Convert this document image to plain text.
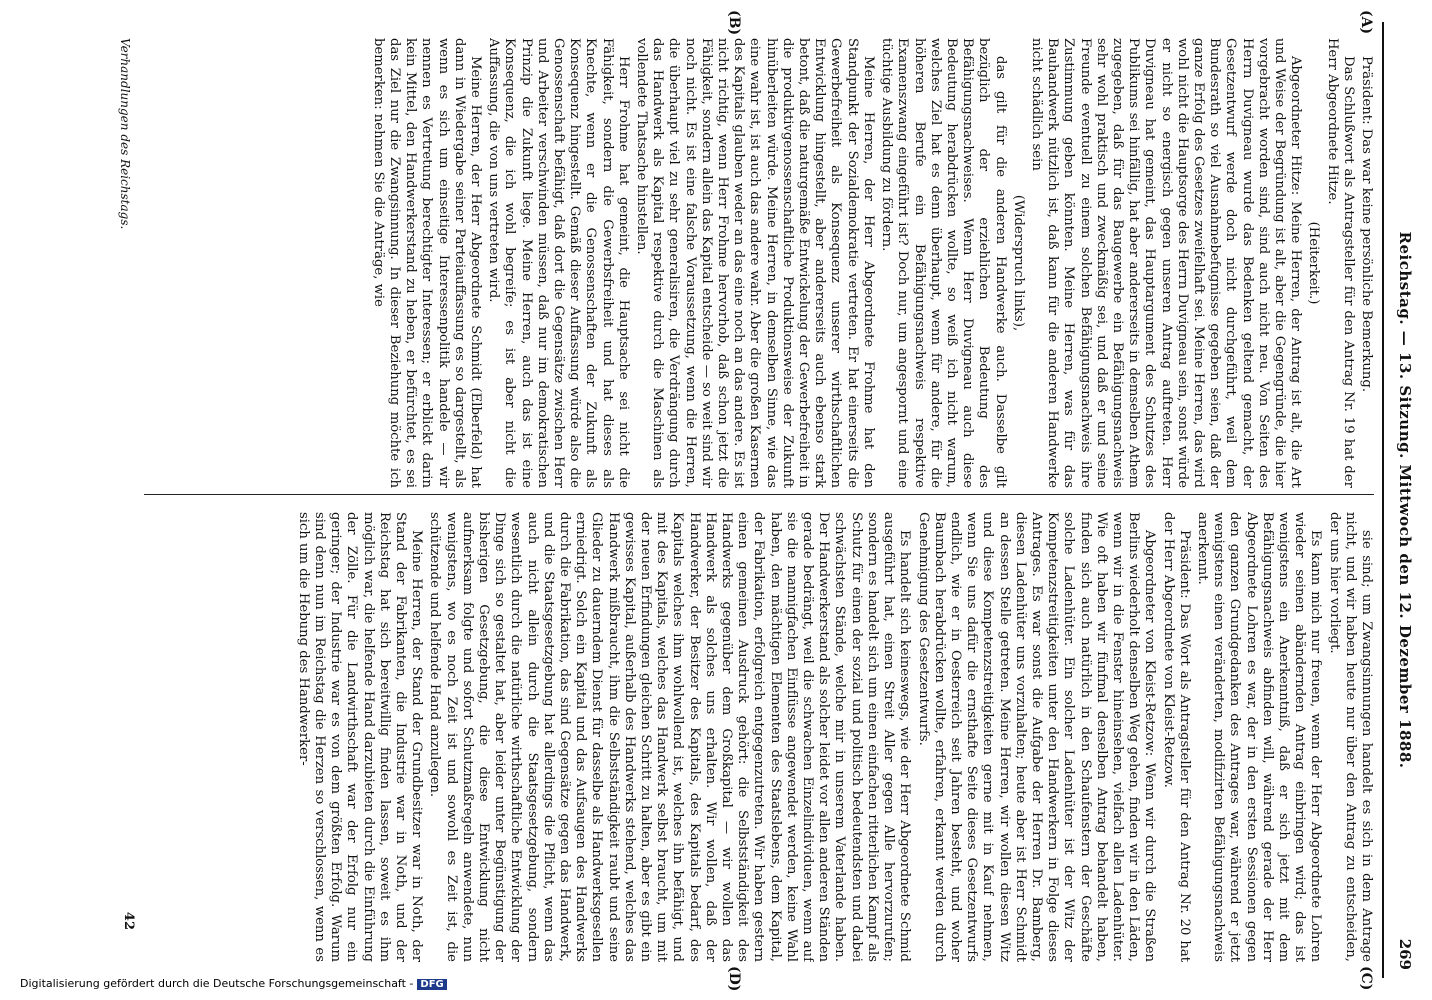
Reichstag. — 13. Sitzung. Mittwoch den 12. Dezember 1888.
269
(A)
(B)
(C)
(D)

Präsident: Das war keine persönliche Bemerkung.

Das Schlußwort als Antragsteller für den Antrag Nr. 19 hat der Herr Abgeordnete Hitze.

(Heiterkeit.)

Abgeordneter Hitze: Meine Herren, der Antrag ist alt, die Art und Weise der Begründung ist alt, aber die Gegengründe, die hier vorgebracht worden sind, sind auch nicht neu. Von Seiten des Herrn Duvigneau wurde das Bedenken geltend gemacht, der Gesetzentwurf werde doch nicht durchgeführt, weil dem Bundesrath so viel Ausnahmebefugnisse gegeben seien, daß der ganze Erfolg des Gesetzes zweifelhaft sei. Meine Herren, das wird wohl nicht die Hauptsorge des Herrn Duvigneau sein, sonst würde er nicht so energisch gegen unseren Antrag auftreten. Herr Duvigneau hat gemeint, das Hauptargument des Schutzes des Publikums sei hinfällig, hat aber andererseits in demselben Athem zugegeben, daß für das Baugewerbe ein Befähigungsnachweis sehr wohl praktisch und zweckmäßig sei, und daß er und seine Freunde eventuell zu einem solchen Befähigungsnachweis ihre Zustimmung geben könnten. Meine Herren, was für das Bauhandwerk nützlich ist, daß kann für die anderen Handwerke nicht schädlich sein

(Widerspruch links),

das gilt für die anderen Handwerke auch. Dasselbe gilt bezüglich der erziehlichen Bedeutung des Befähigungsnachweises. Wenn Herr Duvigneau auch diese Bedeutung herabdrücken wollte, so weiß ich nicht warum, welches Ziel hat es denn überhaupt, wenn für andere, für die höheren Berufe ein Befähigungsnachweis respektive Examenszwang eingeführt ist? Doch nur, um angespornt und eine tüchtige Ausbildung zu fördern.

Meine Herren, der Herr Abgeordnete Frohme hat den Standpunkt der Sozialdemokratie vertreten. Er hat einerseits die Gewerbefreiheit als Konsequenz unserer wirthschaftlichen Entwicklung hingestellt, aber andererseits auch ebenso stark betont, daß die naturgemäße Entwickelung der Gewerbefreiheit in die produktivgenossenschaftliche Produktionsweise der Zukunft hinüberleiten würde. Meine Herren, in demselben Sinne, wie das eine wahr ist, ist auch das andere wahr. Aber die großen Kasernen des Kapitals glauben weder an das eine noch an das andere. Es ist nicht richtig, wenn Herr Frohme hervorhob, daß schon jetzt die Fähigkeit, sondern allein das Kapital entscheide — so weit sind wir noch nicht. Es ist eine falsche Voraussetzung, wenn die Herren, die überhaupt viel zu sehr generalisiren, die Verdrängung durch das Handwerk als Kapital respektive durch die Maschinen als vollendete Thatsache hinstellen.

Herr Frohme hat gemeint, die Hauptsache sei nicht die Fähigkeit, sondern die Gewerbsfreiheit und hat dieses als Knechte, wenn er die Genossenschaften der Zukunft als Konsequenz hingestellt. Gemäß dieser Auffassung würde also die Genossenschaft befähigt, daß dort die Gegensätze zwischen Herr und Arbeiter verschwinden müssen, daß nur im demokratischen Prinzip die Zukunft liege. Meine Herren, auch das ist eine Konsequenz, die ich wohl begreife; es ist aber nicht die Auffassung, die von uns vertreten wird.

Meine Herren, der Herr Abgeordnete Schmidt (Elberfeld) hat dann in Wiedergabe seiner Parteiauffassung es so dargestellt, als wenn es sich um einseitige Interessenpolitik handele — wir nennen es Vertretung berechtigter Interessen; er erblickt darin kein Mittel, den Handwerkerstand zu heben, er befürchtet, es sei das Ziel nur die Zwangsinnung. In dieser Beziehung möchte ich bemerken: nehmen Sie die Anträge, wie

sie sind; um Zwangsinnungen handelt es sich in dem Antrage nicht, und wir haben heute nur über den Antrag zu entscheiden, der uns hier vorliegt.

Es kann mich nur freuen, wenn der Herr Abgeordnete Lohren wieder seinen abändernden Antrag einbringen wird; das ist wenigstens ein Anerkenntniß, daß er sich jetzt mit dem Befähigungsnachweis abfinden will, während gerade der Herr Abgeordnete Lohren es war, der in den ersten Sessionen gegen den ganzen Grundgedanken des Antrages war, während er jetzt wenigstens einen veränderten, modifizirten Befähigungsnachweis anerkennt.

Präsident: Das Wort als Antragsteller für den Antrag Nr. 20 hat der Herr Abgeordnete von Kleist-Retzow.

Abgeordneter von Kleist-Retzow: Wenn wir durch die Straßen Berlins wiederholt denselben Weg gehen, finden wir in den Läden, wenn wir in die Fenster hineinsehen, vielfach allen Ladenhüter. Wie oft haben wir fünfmal denselben Antrag behandelt haben, finden sich auch natürlich in den Schaufenstern der Geschäfte solche Ladenhüter. Ein solcher Ladenhüter ist der Witz der Kompetenzstreitigkeiten unter den Handwerkern in Folge dieses Antrages. Es war sonst die Aufgabe der Herren Dr. Bamberg, diesen Ladenhüter uns vorzuhalten; heute aber ist Herr Schmidt an dessen Stelle getreten. Meine Herren, wir wollen diesen Witz und diese Kompetenzstreitigkeiten gerne mit in Kauf nehmen, wenn Sie uns dafür die ernsthafte Seite dieses Gesetzentwurfs endlich, wie er in Oesterreich seit Jahren besteht, und woher Baumbach herabdrücken wollte, erfahren, erkannt werden durch Genehmigung des Gesetzentwurfs.

Es handelt sich keineswegs, wie der Herr Abgeordnete Schmid ausgeführt hat, einen Streit Aller gegen Alle hervorzurufen; sondern es handelt sich um einen einfachen ritterlichen Kampf als Schutz für einen der sozial und politisch bedeutendsten und dabei schwächsten Stände, welche mir in unserem Vaterlande haben. Der Handwerkerstand als solcher leidet vor allen anderen Ständen gerade bedrängt, weil die schwachen Einzelindividuen, wenn auf sie die mannigfachen Einflüsse angewendet werden, keine Wahl haben, den mächtigen Elementen des Staatslebens, dem Kapital, der Fabrikation, erfolgreich entgegenzutreten. Wir haben gestern einen gemeinen Ausdruck gehört: die Selbstständigkeit des Handwerks gegenüber dem Großkapital — wir wollen das Handwerk als solches uns erhalten. Wir wollen, daß der Handwerker, der Besitzer des Kapitals, des Kapitals bedarf, des Kapitals welches ihm wohlwollend ist, welches ihn befähigt, und mit des Kapitals, welches das Handwerk selbst braucht, um mit der neuen Erfindungen gleichen Schritt zu halten, aber es gibt ein gewisses Kapital, außerhalb des Handwerks stehend, welches das Handwerk mißbraucht, ihm die Selbstständigkeit raubt und seine Glieder zu dauerndem Dienst für dasselbe als Handwerksgesellen erniedrigt. Solch ein Kapital und das Aufsaugen des Handwerks durch die Fabrikation, das sind Gegensätze gegen das Handwerk, und die Staatsgesetzgebung hat allerdings die Pflicht, wenn das auch nicht allein durch die Staatsgesetzgebung, sondern wesentlich durch die natürliche wirthschaftliche Entwicklung der Dinge sich so gestaltet hat, aber leider unter Begünstigung der bisherigen Gesetzgebung, die diese Entwicklung nicht aufmerksam folgte und sofort Schutzmaßregeln anwendete, nun wenigstens, wo es noch Zeit ist und sowohl es Zeit ist, die schützende und helfende Hand anzulegen.

Meine Herren, der Stand der Grundbesitzer war in Noth, der Stand der Fabrikanten, die Industrie war in Noth, und der Reichstag hat sich bereitwillig finden lassen, soweit es ihm möglich war, die helfende Hand darzubieten durch die Einführung der Zölle. Für die Landwirthschaft war der Erfolg nur ein geringer; der Industrie war es von dem größten Erfolg. Warum sind denn nun im Reichstag die Herzen so verschlossen, wenn es sich um die Hebung des Handwerker-

Verhandlungen des Reichstags.
42
Digitalisierung gefördert durch die Deutsche Forschungsgemeinschaft - DFG
